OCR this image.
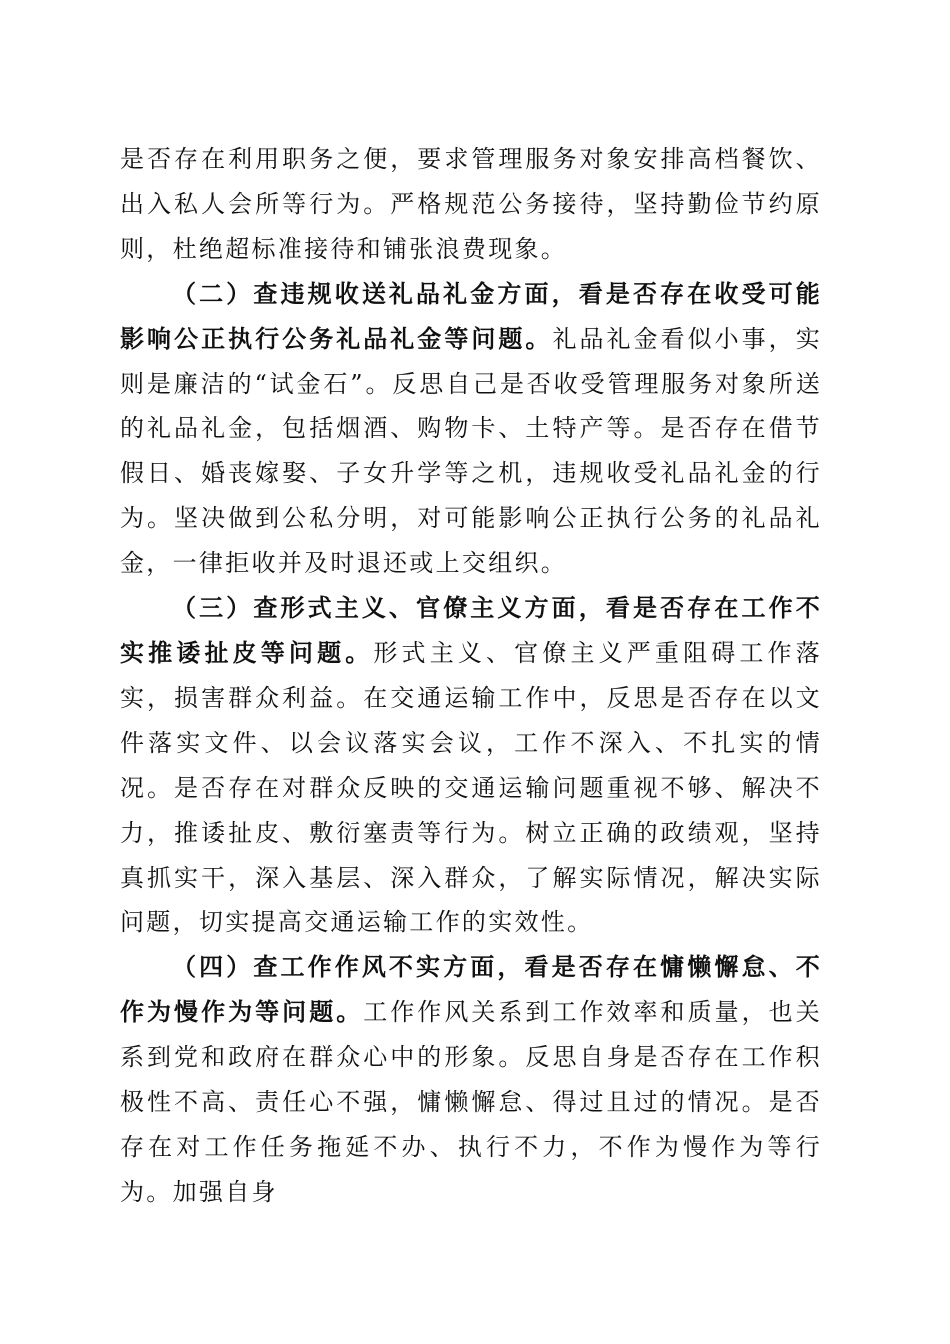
是否存在利用职务之便，要求管理服务对象安排高档餐饮、出入私人会所等行为。严格规范公务接待，坚持勤俭节约原则，杜绝超标准接待和铺张浪费现象。

（二）查违规收送礼品礼金方面，看是否存在收受可能影响公正执行公务礼品礼金等问题。礼品礼金看似小事，实则是廉洁的“试金石”。反思自己是否收受管理服务对象所送的礼品礼金，包括烟酒、购物卡、土特产等。是否存在借节假日、婚丧嫁娶、子女升学等之机，违规收受礼品礼金的行为。坚决做到公私分明，对可能影响公正执行公务的礼品礼金，一律拒收并及时退还或上交组织。

（三）查形式主义、官僚主义方面，看是否存在工作不实推诿扯皮等问题。形式主义、官僚主义严重阻碍工作落实，损害群众利益。在交通运输工作中，反思是否存在以文件落实文件、以会议落实会议，工作不深入、不扎实的情况。是否存在对群众反映的交通运输问题重视不够、解决不力，推诿扯皮、敷衍塞责等行为。树立正确的政绩观，坚持真抓实干，深入基层、深入群众，了解实际情况，解决实际问题，切实提高交通运输工作的实效性。

（四）查工作作风不实方面，看是否存在慵懒懈怠、不作为慢作为等问题。工作作风关系到工作效率和质量，也关系到党和政府在群众心中的形象。反思自身是否存在工作积极性不高、责任心不强，慵懒懈怠、得过且过的情况。是否存在对工作任务拖延不办、执行不力，不作为慢作为等行为。加强自身
